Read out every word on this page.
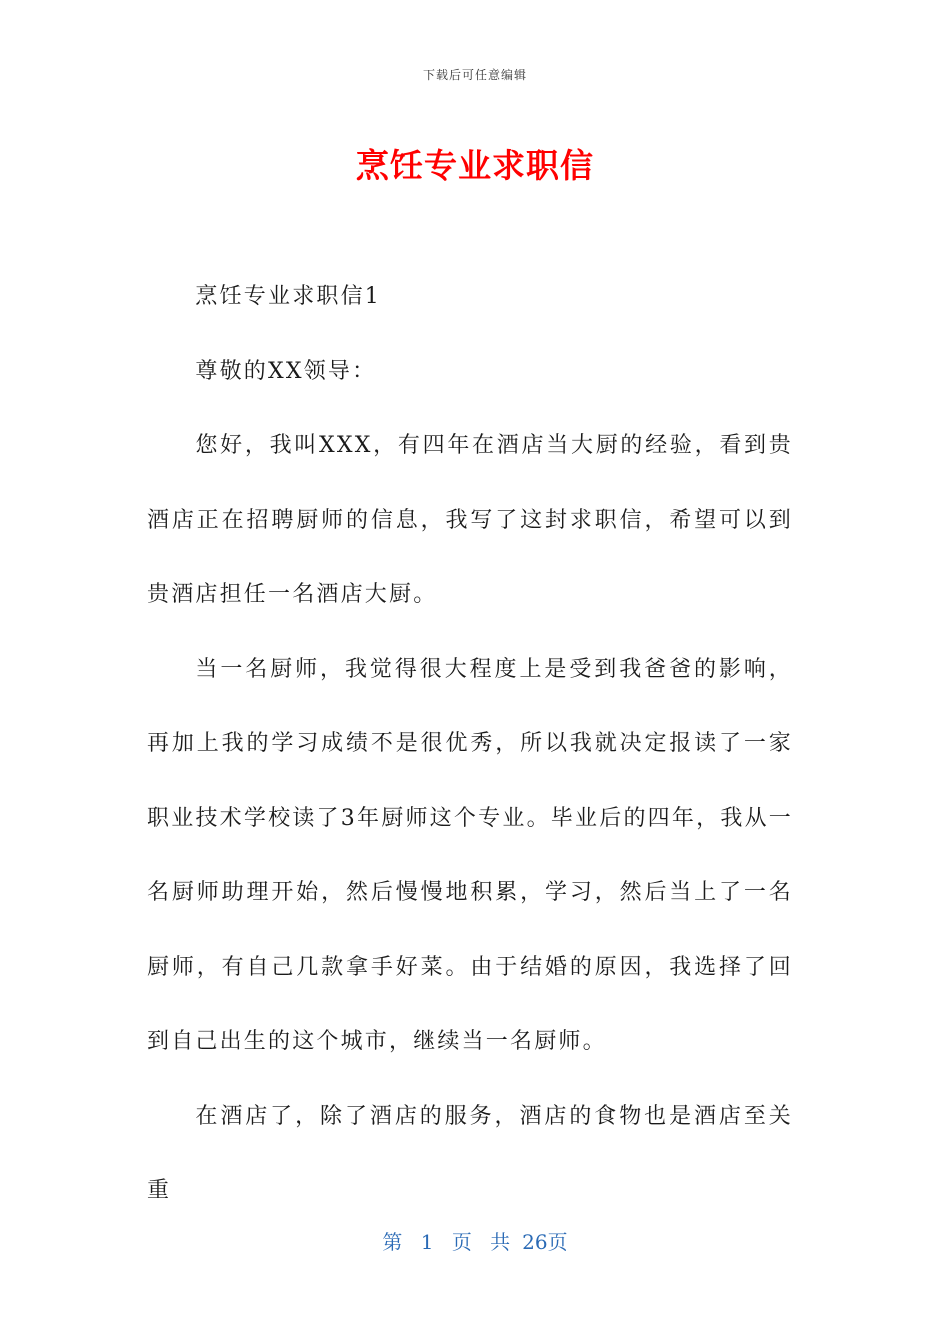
下载后可任意编辑
烹饪专业求职信

烹饪专业求职信1

尊敬的XX领导：

您好，我叫XXX，有四年在酒店当大厨的经验，看到贵酒店正在招聘厨师的信息，我写了这封求职信，希望可以到贵酒店担任一名酒店大厨。

当一名厨师，我觉得很大程度上是受到我爸爸的影响，再加上我的学习成绩不是很优秀，所以我就决定报读了一家职业技术学校读了3年厨师这个专业。毕业后的四年，我从一名厨师助理开始，然后慢慢地积累，学习，然后当上了一名厨师，有自己几款拿手好菜。由于结婚的原因，我选择了回到自己出生的这个城市，继续当一名厨师。

在酒店了，除了酒店的服务，酒店的食物也是酒店至关重

第 1 页 共 26页
